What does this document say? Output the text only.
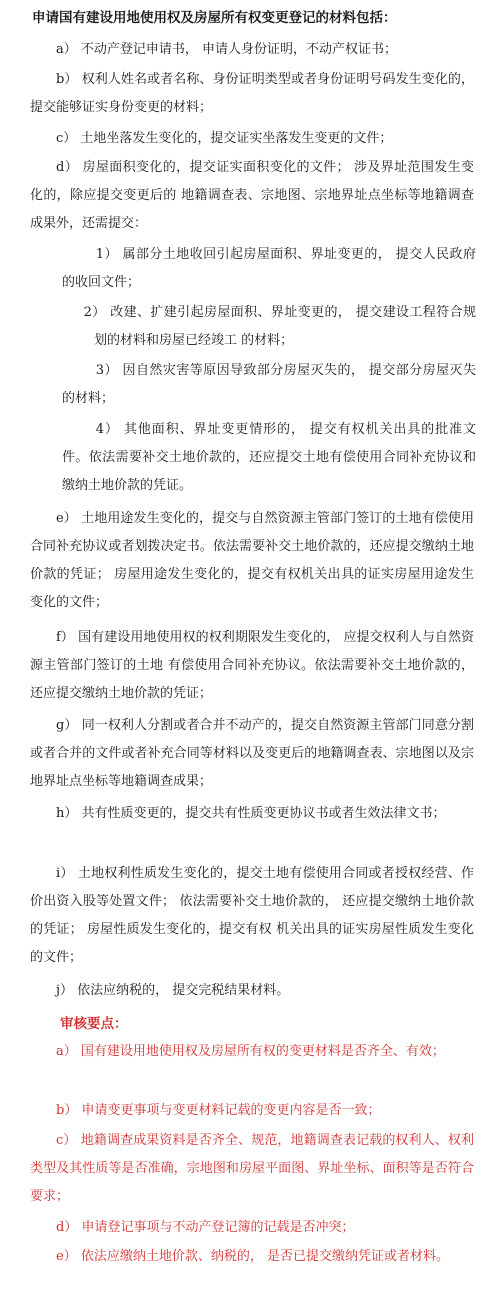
申请国有建设用地使用权及房屋所有权变更登记的材料包括：
a） 不动产登记申请书， 申请人身份证明，不动产权证书；
b） 权利人姓名或者名称、身份证明类型或者身份证明号码发生变化的，提交能够证实身份变更的材料；
c） 土地坐落发生变化的，提交证实坐落发生变更的文件；
d） 房屋面积变化的，提交证实面积变化的文件； 涉及界址范围发生变化的，除应提交变更后的 地籍调查表、宗地图、宗地界址点坐标等地籍调查成果外，还需提交：
1） 属部分土地收回引起房屋面积、界址变更的， 提交人民政府的收回文件；
2） 改建、扩建引起房屋面积、界址变更的， 提交建设工程符合规划的材料和房屋已经竣工 的材料；
3） 因自然灾害等原因导致部分房屋灭失的， 提交部分房屋灭失的材料；
4） 其他面积、界址变更情形的， 提交有权机关出具的批准文件。依法需要补交土地价款的，还应提交土地有偿使用合同补充协议和缴纳土地价款的凭证。
e） 土地用途发生变化的，提交与自然资源主管部门签订的土地有偿使用合同补充协议或者划拨决定书。依法需要补交土地价款的，还应提交缴纳土地价款的凭证； 房屋用途发生变化的，提交有权机关出具的证实房屋用途发生变化的文件；
f） 国有建设用地使用权的权利期限发生变化的， 应提交权利人与自然资源主管部门签订的土地 有偿使用合同补充协议。依法需要补交土地价款的，还应提交缴纳土地价款的凭证；
g） 同一权利人分割或者合并不动产的，提交自然资源主管部门同意分割或者合并的文件或者补充合同等材料以及变更后的地籍调查表、宗地图以及宗地界址点坐标等地籍调查成果；
h） 共有性质变更的，提交共有性质变更协议书或者生效法律文书；
i） 土地权利性质发生变化的，提交土地有偿使用合同或者授权经营、作价出资入股等处置文件； 依法需要补交土地价款的， 还应提交缴纳土地价款的凭证； 房屋性质发生变化的，提交有权 机关出具的证实房屋性质发生变化的文件；
j） 依法应纳税的， 提交完税结果材料。
审核要点：
a） 国有建设用地使用权及房屋所有权的变更材料是否齐全、有效；
b） 申请变更事项与变更材料记载的变更内容是否一致；
c） 地籍调查成果资料是否齐全、规范，地籍调查表记载的权利人、权利类型及其性质等是否准确，宗地图和房屋平面图、界址坐标、面积等是否符合要求；
d） 申请登记事项与不动产登记簿的记载是否冲突；
e） 依法应缴纳土地价款、纳税的， 是否已提交缴纳凭证或者材料。
